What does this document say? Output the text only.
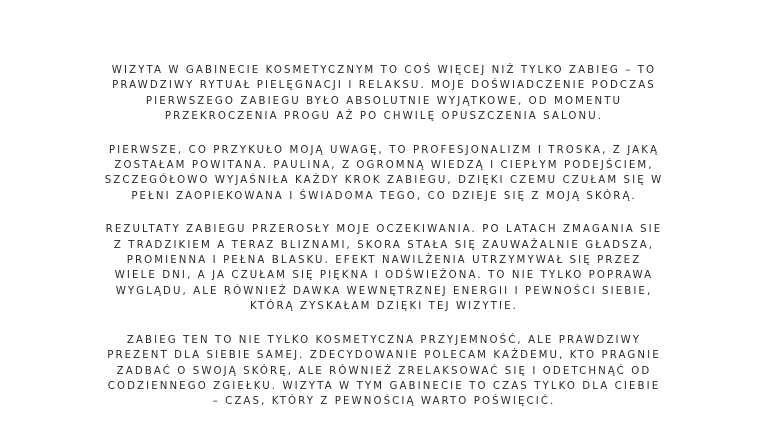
WIZYTA W GABINECIE KOSMETYCZNYM TO COŚ WIĘCEJ NIŻ TYLKO ZABIEG – TO
PRAWDZIWY RYTUAŁ PIELĘGNACJI I RELAKSU. MOJE DOŚWIADCZENIE PODCZAS
PIERWSZEGO ZABIEGU BYŁO ABSOLUTNIE WYJĄTKOWE, OD MOMENTU
PRZEKROCZENIA PROGU AŻ PO CHWILĘ OPUSZCZENIA SALONU.

PIERWSZE, CO PRZYKUŁO MOJĄ UWAGĘ, TO PROFESJONALIZM I TROSKA, Z JAKĄ
ZOSTAŁAM POWITANA. PAULINA, Z OGROMNĄ WIEDZĄ I CIEPŁYM PODEJŚCIEM,
SZCZEGÓŁOWO WYJAŚNIŁA KAŻDY KROK ZABIEGU, DZIĘKI CZEMU CZUŁAM SIĘ W
PEŁNI ZAOPIEKOWANA I ŚWIADOMA TEGO, CO DZIEJE SIĘ Z MOJĄ SKÓRĄ.

REZULTATY ZABIEGU PRZEROSŁY MOJE OCZEKIWANIA. PO LATACH ZMAGANIA SIE
Z TRADZIKIEM A TERAZ BLIZNAMI, SKORA STAŁA SIĘ ZAUWAŻALNIE GŁADSZA,
PROMIENNA I PEŁNA BLASKU. EFEKT NAWILŻENIA UTRZYMYWAŁ SIĘ PRZEZ
WIELE DNI, A JA CZUŁAM SIĘ PIĘKNA I ODŚWIEŻONA. TO NIE TYLKO POPRAWA
WYGLĄDU, ALE RÓWNIEŻ DAWKA WEWNĘTRZNEJ ENERGII I PEWNOŚCI SIEBIE,
KTÓRĄ ZYSKAŁAM DZIĘKI TEJ WIZYTIE.

ZABIEG TEN TO NIE TYLKO KOSMETYCZNA PRZYJEMNOŚĆ, ALE PRAWDZIWY
PREZENT DLA SIEBIE SAMEJ. ZDECYDOWANIE POLECAM KAŻDEMU, KTO PRAGNIE
ZADBAĆ O SWOJĄ SKÓRĘ, ALE RÓWNIEŻ ZRELAKSOWAĆ SIĘ I ODETCHNĄĆ OD
CODZIENNEGO ZGIEŁKU. WIZYTA W TYM GABINECIE TO CZAS TYLKO DLA CIEBIE
– CZAS, KTÓRY Z PEWNOŚCIĄ WARTO POŚWIĘCIĆ.
